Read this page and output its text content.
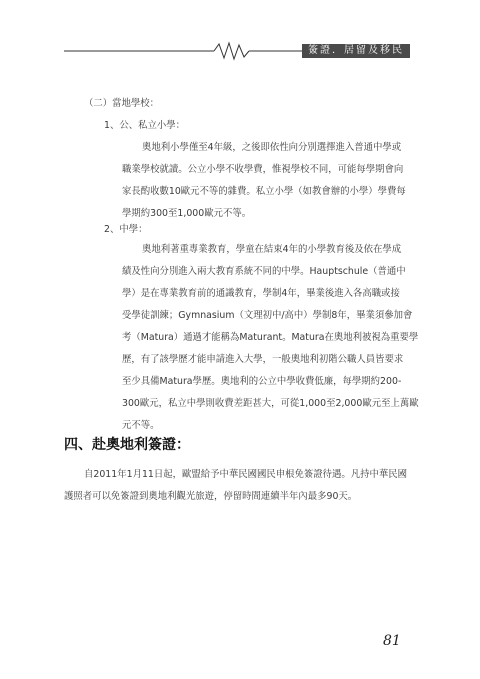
簽證．居留及移民
（二）當地學校：
1、公、私立小學：
奧地利小學僅至4年級，之後即依性向分別選擇進入普通中學或
職業學校就讀。公立小學不收學費，惟視學校不同，可能每學期會向
家長酌收數10歐元不等的雜費。私立小學（如教會辦的小學）學費每
學期約300至1,000歐元不等。
2、中學：
奧地利著重專業教育，學童在結束4年的小學教育後及依在學成
績及性向分別進入兩大教育系統不同的中學。Hauptschule（普通中
學）是在專業教育前的通識教育，學制4年，畢業後進入各高職或接
受學徒訓練；Gymnasium（文理初中/高中）學制8年，畢業須參加會
考（Matura）通過才能稱為Maturant。Matura在奧地利被視為重要學
歷，有了該學歷才能申請進入大學，一般奧地利初階公職人員皆要求
至少具備Matura學歷。奧地利的公立中學收費低廉，每學期約200-
300歐元，私立中學則收費差距甚大，可從1,000至2,000歐元至上萬歐
元不等。
四、赴奧地利簽證：
自2011年1月11日起，歐盟給予中華民國國民申根免簽證待遇。凡持中華民國
護照者可以免簽證到奧地利觀光旅遊，停留時間連續半年內最多90天。
81
